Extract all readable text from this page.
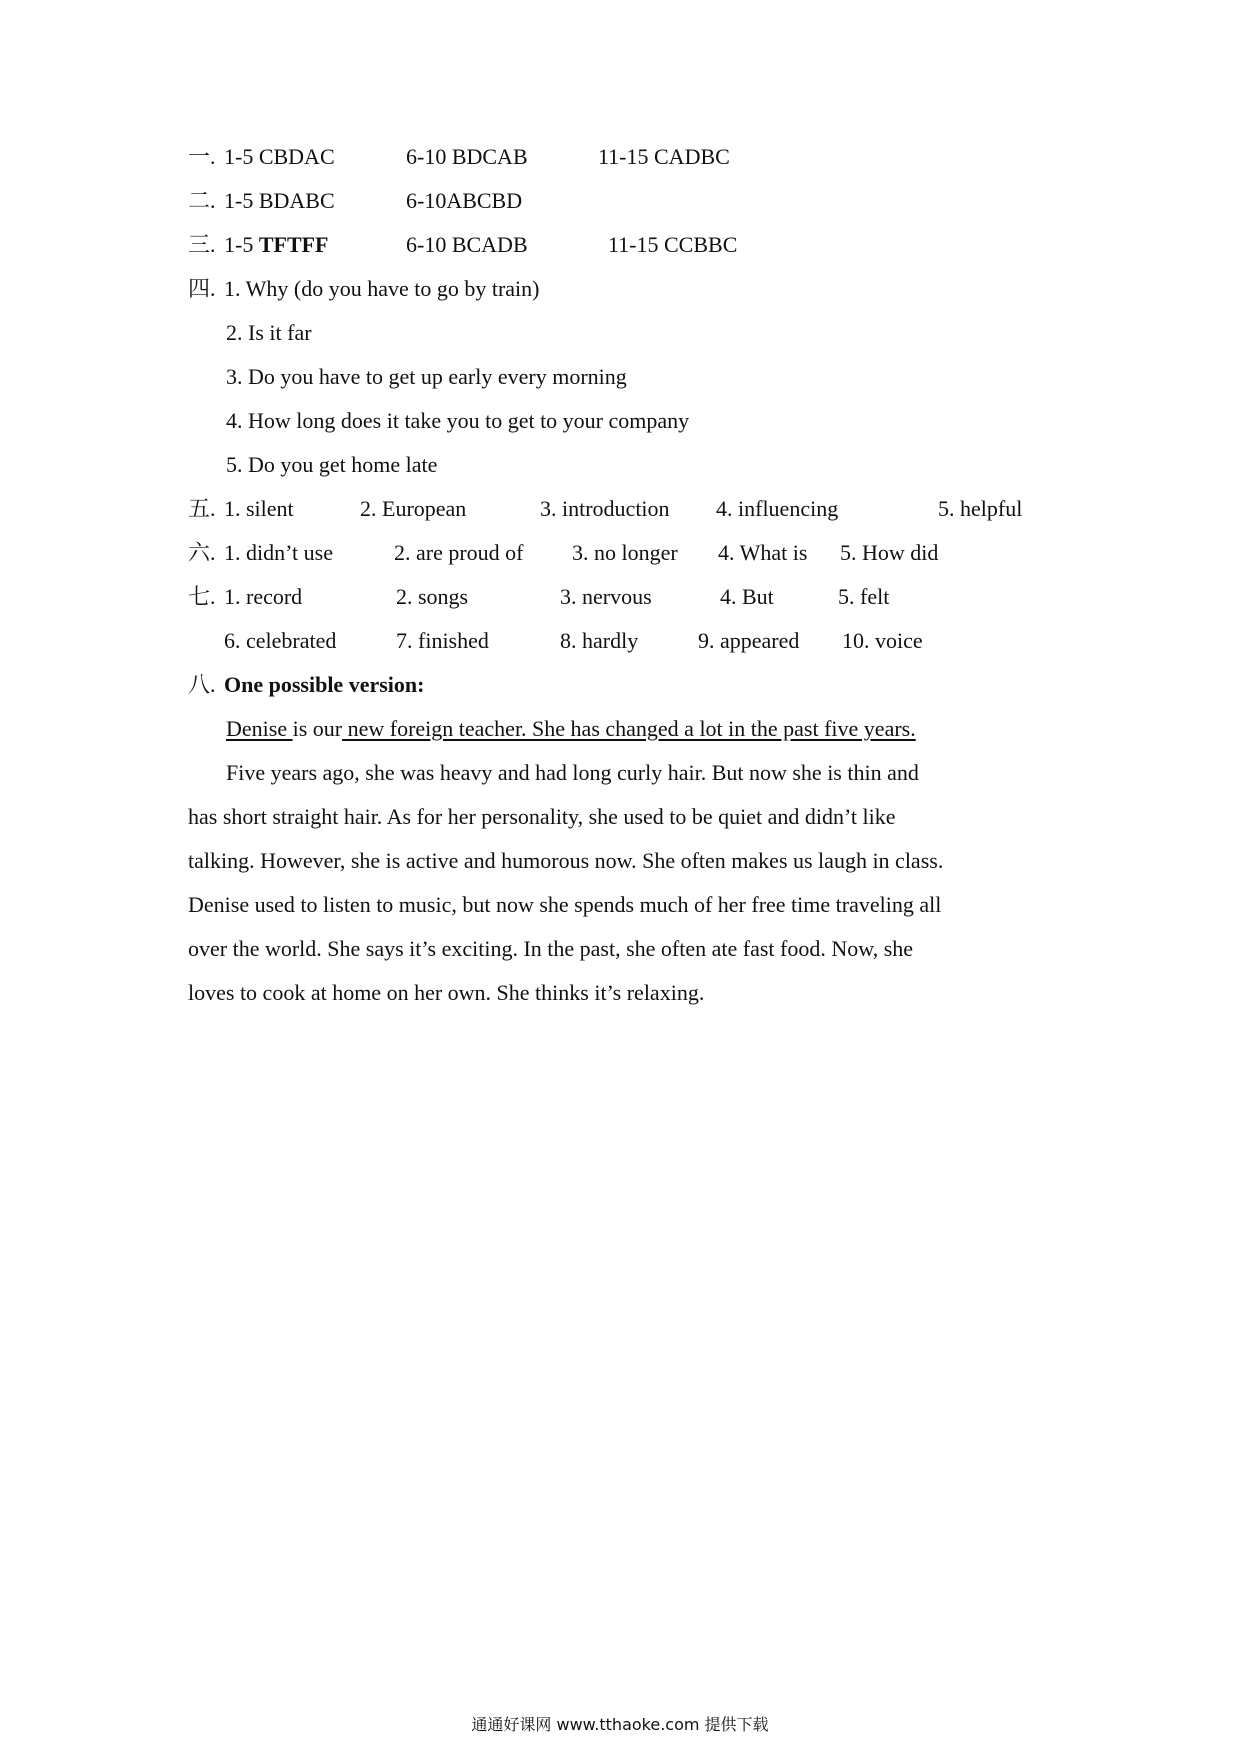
一. 1-5 CBDAC	6-10 BDCAB	11-15 CADBC
二. 1-5 BDABC	6-10ABCBD
三. 1-5 TFTFF	6-10 BCADB	11-15 CCBBC
四. 1. Why (do you have to go by train)
2. Is it far
3. Do you have to get up early every morning
4. How long does it take you to get to your company
5. Do you get home late
五. 1. silent	2. European	3. introduction 4. influencing	5. helpful
六. 1. didn’t use	2. are proud of 3. no longer 4. What is 5. How did
七. 1. record	2. songs	3. nervous	4. But	5. felt
6. celebrated	7. finished	8. hardly	9. appeared 10. voice
八. One possible version:
Denise is our new foreign teacher. She has changed a lot in the past five years.
Five years ago, she was heavy and had long curly hair. But now she is thin and
has short straight hair. As for her personality, she used to be quiet and didn’t like
talking. However, she is active and humorous now. She often makes us laugh in class.
Denise used to listen to music, but now she spends much of her free time traveling all
over the world. She says it’s exciting. In the past, she often ate fast food. Now, she
loves to cook at home on her own. She thinks it’s relaxing.
通通好课网 www.tthaoke.com 提供下载
